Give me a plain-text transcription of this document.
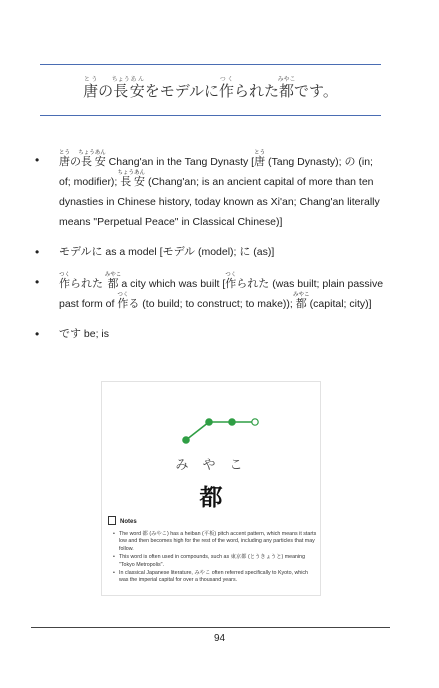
唐とうの長ちょう安あんをモデルに作つくられた都みやこです。
• 唐とうの長ちょう安あん Chang'an in the Tang Dynasty [唐とう (Tang Dynasty); の (in; of; modifier); 長ちょう安あん (Chang'an; is an ancient capital of more than ten dynasties in Chinese history, today known as Xi'an; Chang'an literally means "Perpetual Peace" in Classical Chinese)]
• モデルに as a model [モデル (model); に (as)]
• 作つくられた 都みやこ a city which was built [作つくられた (was built; plain passive past form of 作つくる (to build; to construct; to make)); 都みやこ (capital; city)]
• です be; is
みやこ
都
Notes
• The word 都 (みやこ) has a heiban (平板) pitch accent pattern, which means it starts low and then becomes high for the rest of the word, including any particles that may follow.
• This word is often used in compounds, such as 東京都 (とうきょうと) meaning "Tokyo Metropolis".
• In classical Japanese literature, みやこ often referred specifically to Kyoto, which was the imperial capital for over a thousand years.
94
